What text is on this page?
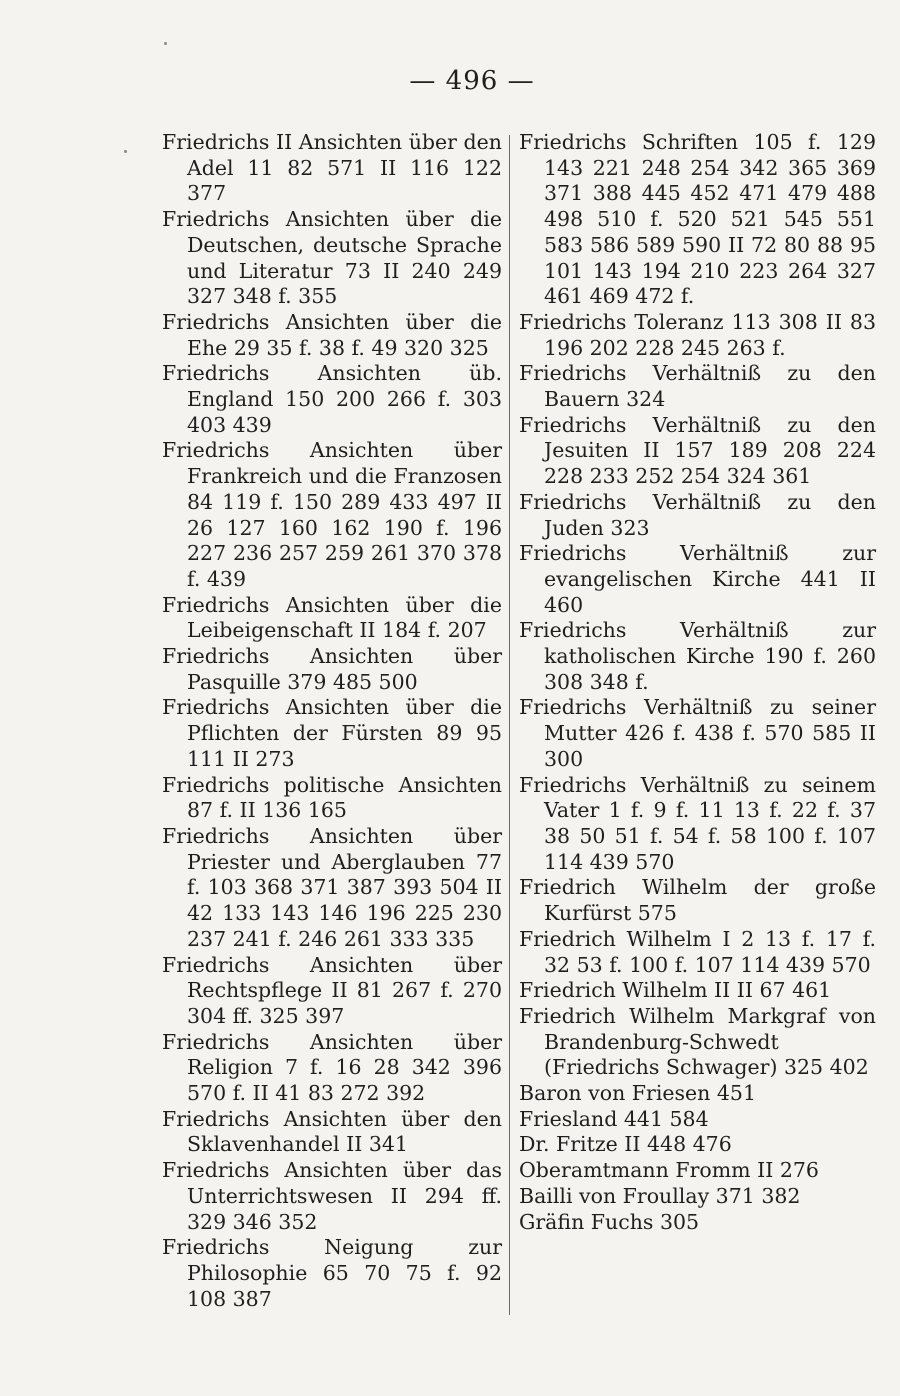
— 496 —

Friedrichs II Ansichten über den Adel 11 82 571 II 116 122 377

Friedrichs Ansichten über die Deutschen, deutsche Sprache und Literatur 73 II 240 249 327 348 f. 355

Friedrichs Ansichten über die Ehe 29 35 f. 38 f. 49 320 325

Friedrichs Ansichten üb. England 150 200 266 f. 303 403 439

Friedrichs Ansichten über Frankreich und die Franzosen 84 119 f. 150 289 433 497 II 26 127 160 162 190 f. 196 227 236 257 259 261 370 378 f. 439

Friedrichs Ansichten über die Leibeigenschaft II 184 f. 207

Friedrichs Ansichten über Pasquille 379 485 500

Friedrichs Ansichten über die Pflichten der Fürsten 89 95 111 II 273

Friedrichs politische Ansichten 87 f. II 136 165

Friedrichs Ansichten über Priester und Aberglauben 77 f. 103 368 371 387 393 504 II 42 133 143 146 196 225 230 237 241 f. 246 261 333 335

Friedrichs Ansichten über Rechtspflege II 81 267 f. 270 304 ff. 325 397

Friedrichs Ansichten über Religion 7 f. 16 28 342 396 570 f. II 41 83 272 392

Friedrichs Ansichten über den Sklavenhandel II 341

Friedrichs Ansichten über das Unterrichtswesen II 294 ff. 329 346 352

Friedrichs Neigung zur Philosophie 65 70 75 f. 92 108 387

Friedrichs Schriften 105 f. 129 143 221 248 254 342 365 369 371 388 445 452 471 479 488 498 510 f. 520 521 545 551 583 586 589 590 II 72 80 88 95 101 143 194 210 223 264 327 461 469 472 f.

Friedrichs Toleranz 113 308 II 83 196 202 228 245 263 f.

Friedrichs Verhältniß zu den Bauern 324

Friedrichs Verhältniß zu den Jesuiten II 157 189 208 224 228 233 252 254 324 361

Friedrichs Verhältniß zu den Juden 323

Friedrichs Verhältniß zur evangelischen Kirche 441 II 460

Friedrichs Verhältniß zur katholischen Kirche 190 f. 260 308 348 f.

Friedrichs Verhältniß zu seiner Mutter 426 f. 438 f. 570 585 II 300

Friedrichs Verhältniß zu seinem Vater 1 f. 9 f. 11 13 f. 22 f. 37 38 50 51 f. 54 f. 58 100 f. 107 114 439 570

Friedrich Wilhelm der große Kurfürst 575

Friedrich Wilhelm I 2 13 f. 17 f. 32 53 f. 100 f. 107 114 439 570

Friedrich Wilhelm II II 67 461

Friedrich Wilhelm Markgraf von Brandenburg-Schwedt (Friedrichs Schwager) 325 402

Baron von Friesen 451

Friesland 441 584

Dr. Fritze II 448 476

Oberamtmann Fromm II 276

Bailli von Froullay 371 382

Gräfin Fuchs 305
